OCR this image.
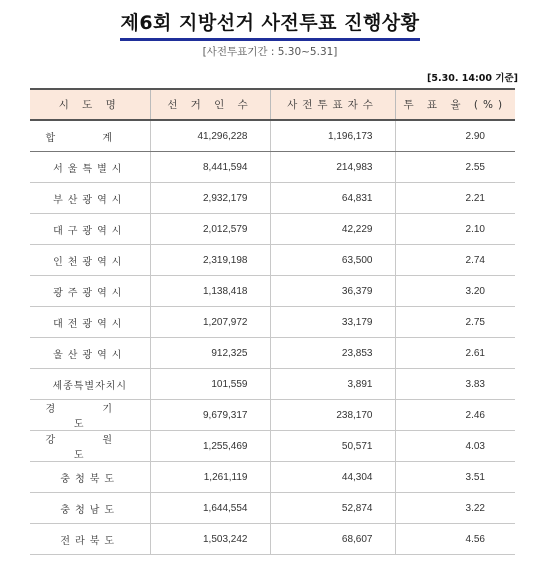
제6회 지방선거 사전투표 진행상황
[사전투표기간 : 5.30~5.31]
[5.30. 14:00 기준]
시 도 명	선 거 인 수	사전투표자수	투 표 율 (%)
합 계	41,296,228	1,196,173	2.90
서울특별시	8,441,594	214,983	2.55
부산광역시	2,932,179	64,831	2.21
대구광역시	2,012,579	42,229	2.10
인천광역시	2,319,198	63,500	2.74
광주광역시	1,138,418	36,379	3.20
대전광역시	1,207,972	33,179	2.75
울산광역시	912,325	23,853	2.61
세종특별자치시	101,559	3,891	3.83
경 기 도	9,679,317	238,170	2.46
강 원 도	1,255,469	50,571	4.03
충청북도	1,261,119	44,304	3.51
충청남도	1,644,554	52,874	3.22
전라북도	1,503,242	68,607	4.56
